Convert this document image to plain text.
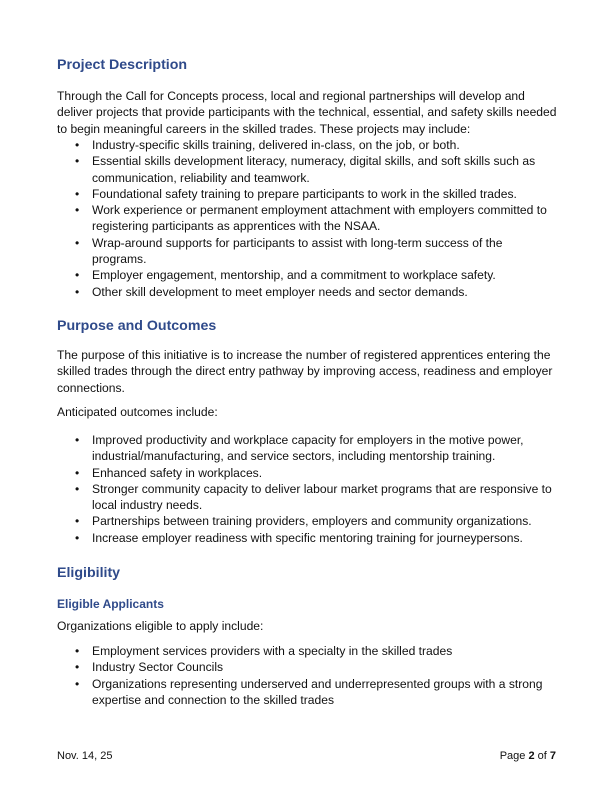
Project Description

Through the Call for Concepts process, local and regional partnerships will develop and deliver projects that provide participants with the technical, essential, and safety skills needed to begin meaningful careers in the skilled trades. These projects may include:

• Industry-specific skills training, delivered in-class, on the job, or both.
• Essential skills development literacy, numeracy, digital skills, and soft skills such as communication, reliability and teamwork.
• Foundational safety training to prepare participants to work in the skilled trades.
• Work experience or permanent employment attachment with employers committed to registering participants as apprentices with the NSAA.
• Wrap-around supports for participants to assist with long-term success of the programs.
• Employer engagement, mentorship, and a commitment to workplace safety.
• Other skill development to meet employer needs and sector demands.
Purpose and Outcomes

The purpose of this initiative is to increase the number of registered apprentices entering the skilled trades through the direct entry pathway by improving access, readiness and employer connections.

Anticipated outcomes include:

• Improved productivity and workplace capacity for employers in the motive power, industrial/manufacturing, and service sectors, including mentorship training.
• Enhanced safety in workplaces.
• Stronger community capacity to deliver labour market programs that are responsive to local industry needs.
• Partnerships between training providers, employers and community organizations.
• Increase employer readiness with specific mentoring training for journeypersons.
Eligibility
Eligible Applicants

Organizations eligible to apply include:

• Employment services providers with a specialty in the skilled trades
• Industry Sector Councils
• Organizations representing underserved and underrepresented groups with a strong expertise and connection to the skilled trades
Nov. 14, 25	Page 2 of 7
